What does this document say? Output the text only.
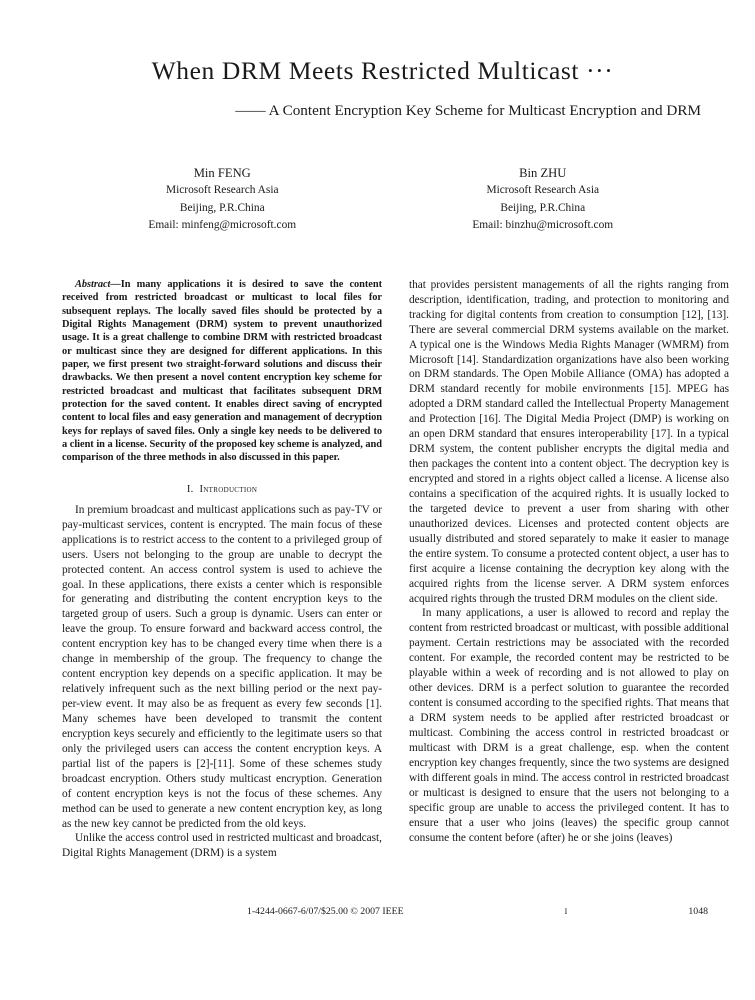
When DRM Meets Restricted Multicast ···
—— A Content Encryption Key Scheme for Multicast Encryption and DRM
Min FENG
Microsoft Research Asia
Beijing, P.R.China
Email: minfeng@microsoft.com
Bin ZHU
Microsoft Research Asia
Beijing, P.R.China
Email: binzhu@microsoft.com

Abstract—In many applications it is desired to save the content received from restricted broadcast or multicast to local files for subsequent replays. The locally saved files should be protected by a Digital Rights Management (DRM) system to prevent unauthorized usage. It is a great challenge to combine DRM with restricted broadcast or multicast since they are designed for different applications. In this paper, we first present two straight-forward solutions and discuss their drawbacks. We then present a novel content encryption key scheme for restricted broadcast and multicast that facilitates subsequent DRM protection for the saved content. It enables direct saving of encrypted content to local files and easy generation and management of decryption keys for replays of saved files. Only a single key needs to be delivered to a client in a license. Security of the proposed key scheme is analyzed, and comparison of the three methods in also discussed in this paper.

I. Introduction

In premium broadcast and multicast applications such as pay-TV or pay-multicast services, content is encrypted. The main focus of these applications is to restrict access to the content to a privileged group of users. Users not belonging to the group are unable to decrypt the protected content. An access control system is used to achieve the goal. In these applications, there exists a center which is responsible for generating and distributing the content encryption keys to the targeted group of users. Such a group is dynamic. Users can enter or leave the group. To ensure forward and backward access control, the content encryption key has to be changed every time when there is a change in membership of the group. The frequency to change the content encryption key depends on a specific application. It may be relatively infrequent such as the next billing period or the next pay-per-view event. It may also be as frequent as every few seconds [1]. Many schemes have been developed to transmit the content encryption keys securely and efficiently to the legitimate users so that only the privileged users can access the content encryption keys. A partial list of the papers is [2]-[11]. Some of these schemes study broadcast encryption. Others study multicast encryption. Generation of content encryption keys is not the focus of these schemes. Any method can be used to generate a new content encryption key, as long as the new key cannot be predicted from the old keys.

Unlike the access control used in restricted multicast and broadcast, Digital Rights Management (DRM) is a system

that provides persistent managements of all the rights ranging from description, identification, trading, and protection to monitoring and tracking for digital contents from creation to consumption [12], [13]. There are several commercial DRM systems available on the market. A typical one is the Windows Media Rights Manager (WMRM) from Microsoft [14]. Standardization organizations have also been working on DRM standards. The Open Mobile Alliance (OMA) has adopted a DRM standard recently for mobile environments [15]. MPEG has adopted a DRM standard called the Intellectual Property Management and Protection [16]. The Digital Media Project (DMP) is working on an open DRM standard that ensures interoperability [17]. In a typical DRM system, the content publisher encrypts the digital media and then packages the content into a content object. The decryption key is encrypted and stored in a rights object called a license. A license also contains a specification of the acquired rights. It is usually locked to the targeted device to prevent a user from sharing with other unauthorized devices. Licenses and protected content objects are usually distributed and stored separately to make it easier to manage the entire system. To consume a protected content object, a user has to first acquire a license containing the decryption key along with the acquired rights from the license server. A DRM system enforces acquired rights through the trusted DRM modules on the client side.

In many applications, a user is allowed to record and replay the content from restricted broadcast or multicast, with possible additional payment. Certain restrictions may be associated with the recorded content. For example, the recorded content may be restricted to be playable within a week of recording and is not allowed to play on other devices. DRM is a perfect solution to guarantee the recorded content is consumed according to the specified rights. That means that a DRM system needs to be applied after restricted broadcast or multicast. Combining the access control in restricted broadcast or multicast with DRM is a great challenge, esp. when the content encryption key changes frequently, since the two systems are designed with different goals in mind. The access control in restricted broadcast or multicast is designed to ensure that the users not belonging to a specific group are unable to access the privileged content. It has to ensure that a user who joins (leaves) the specific group cannot consume the content before (after) he or she joins (leaves)

1-4244-0667-6/07/$25.00 © 2007 IEEE	I	1048
